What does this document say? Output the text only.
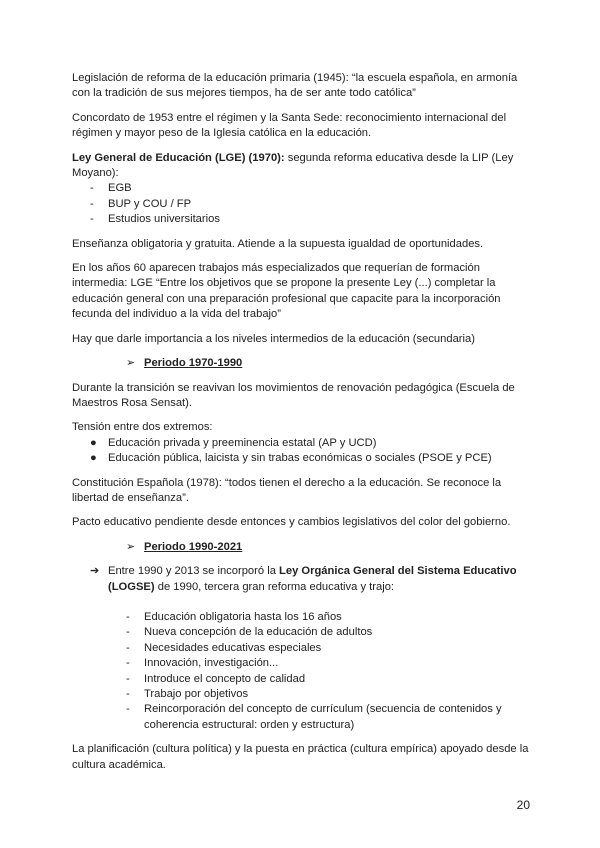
Legislación de reforma de la educación primaria (1945): “la escuela española, en armonía con la tradición de sus mejores tiempos, ha de ser ante todo católica”

Concordato de 1953 entre el régimen y la Santa Sede: reconocimiento internacional del régimen y mayor peso de la Iglesia católica en la educación.

Ley General de Educación (LGE) (1970): segunda reforma educativa desde la LIP (Ley Moyano):

- EGB
- BUP y COU / FP
- Estudios universitarios

Enseñanza obligatoria y gratuita. Atiende a la supuesta igualdad de oportunidades.

En los años 60 aparecen trabajos más especializados que requerían de formación intermedia: LGE “Entre los objetivos que se propone la presente Ley (...) completar la educación general con una preparación profesional que capacite para la incorporación fecunda del individuo a la vida del trabajo”

Hay que darle importancia a los niveles intermedios de la educación (secundaria)

➢ Periodo 1970-1990

Durante la transición se reavivan los movimientos de renovación pedagógica (Escuela de Maestros Rosa Sensat).

Tensión entre dos extremos:

● Educación privada y preeminencia estatal (AP y UCD)
● Educación pública, laicista y sin trabas económicas o sociales (PSOE y PCE)

Constitución Española (1978): “todos tienen el derecho a la educación. Se reconoce la libertad de enseñanza”.

Pacto educativo pendiente desde entonces y cambios legislativos del color del gobierno.

➢ Periodo 1990-2021

➔ Entre 1990 y 2013 se incorporó la Ley Orgánica General del Sistema Educativo (LOGSE) de 1990, tercera gran reforma educativa y trajo:
- Educación obligatoria hasta los 16 años
- Nueva concepción de la educación de adultos
- Necesidades educativas especiales
- Innovación, investigación...
- Introduce el concepto de calidad
- Trabajo por objetivos
- Reincorporación del concepto de currículum (secuencia de contenidos y coherencia estructural: orden y estructura)

La planificación (cultura política) y la puesta en práctica (cultura empírica) apoyado desde la cultura académica.

20
